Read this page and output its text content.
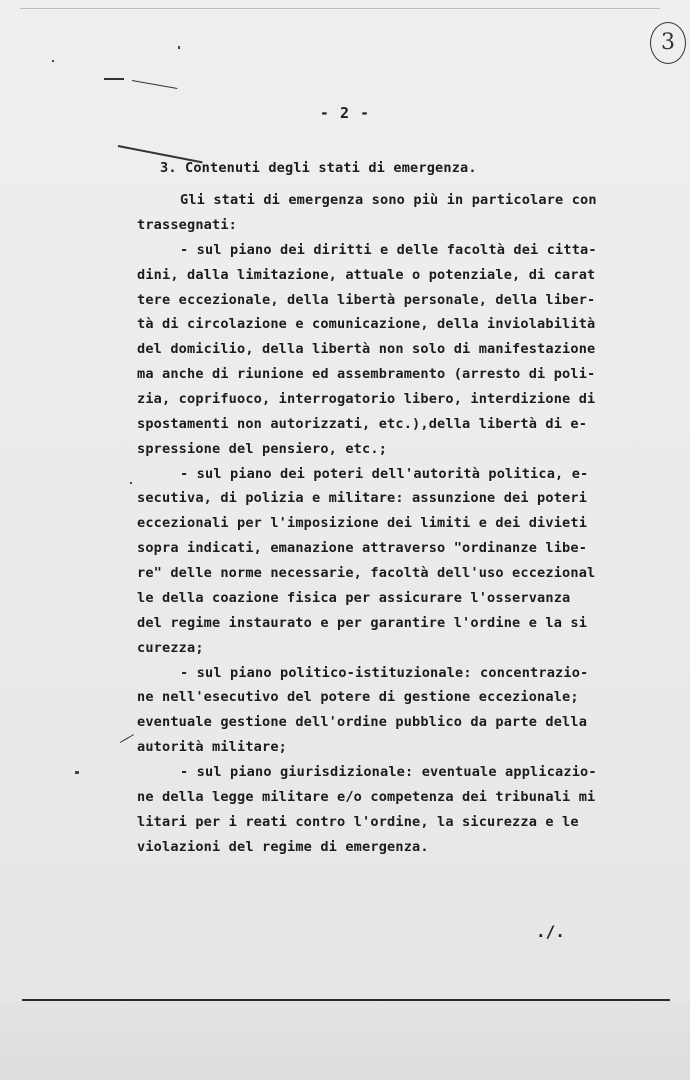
3
- 2 -
3. Contenuti degli stati di emergenza.
Gli stati di emergenza sono più in particolare con
trassegnati:
- sul piano dei diritti e delle facoltà dei citta-
dini, dalla limitazione, attuale o potenziale, di carat
tere eccezionale, della libertà personale, della liber-
tà di circolazione e comunicazione, della inviolabilità
del domicilio, della libertà non solo di manifestazione
ma anche di riunione ed assembramento (arresto di poli-
zia, coprifuoco, interrogatorio libero, interdizione di
spostamenti non autorizzati, etc.),della libertà di e-
spressione del pensiero, etc.;
- sul piano dei poteri dell'autorità politica, e-
secutiva, di polizia e militare: assunzione dei poteri
eccezionali per l'imposizione dei limiti e dei divieti
sopra indicati, emanazione attraverso "ordinanze libe-
re" delle norme necessarie, facoltà dell'uso eccezional
le della coazione fisica per assicurare l'osservanza
del regime instaurato e per garantire l'ordine e la si
curezza;
- sul piano politico-istituzionale: concentrazio-
ne nell'esecutivo del potere di gestione eccezionale;
eventuale gestione dell'ordine pubblico da parte della
autorità militare;
- sul piano giurisdizionale: eventuale applicazio-
ne della legge militare e/o competenza dei tribunali mi
litari per i reati contro l'ordine, la sicurezza e le
violazioni del regime di emergenza.
./.
